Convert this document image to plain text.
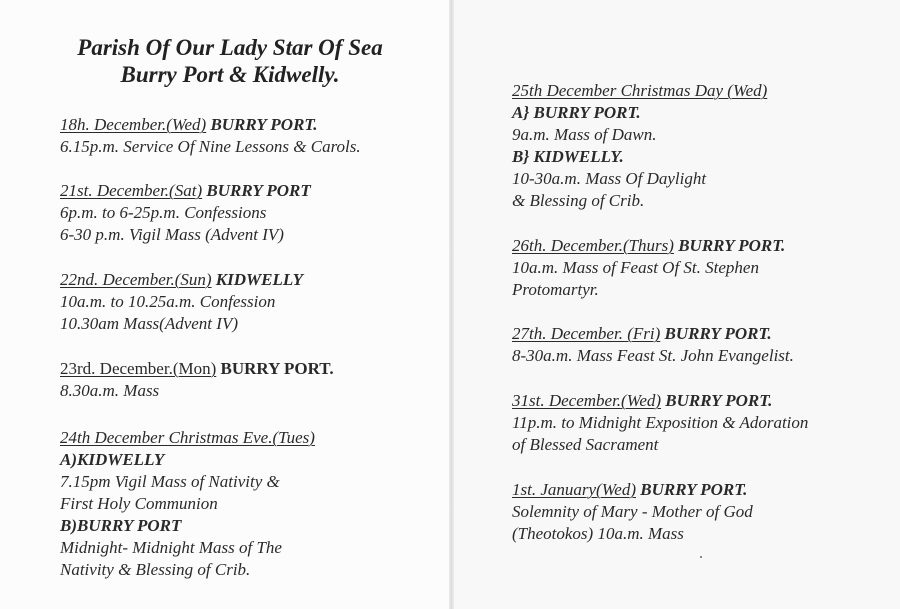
Parish Of Our Lady Star Of Sea
Burry Port & Kidwelly.
18h. December.(Wed) BURRY PORT.
6.15p.m. Service Of Nine Lessons & Carols.
21st. December.(Sat) BURRY PORT
6p.m. to 6-25p.m. Confessions
6-30 p.m. Vigil Mass (Advent IV)
22nd. December.(Sun) KIDWELLY
10a.m. to 10.25a.m. Confession
10.30am Mass(Advent IV)
23rd. December.(Mon) BURRY PORT.
8.30a.m. Mass
24th December Christmas Eve.(Tues)
A)KIDWELLY
7.15pm Vigil Mass of Nativity &
First Holy Communion
B)BURRY PORT
Midnight- Midnight Mass of The
Nativity & Blessing of Crib.
25th December Christmas Day (Wed)
A} BURRY PORT.
9a.m. Mass of Dawn.
B} KIDWELLY.
10-30a.m. Mass Of Daylight
& Blessing of Crib.
26th. December.(Thurs) BURRY PORT.
10a.m. Mass of Feast Of St. Stephen
Protomartyr.
27th. December. (Fri) BURRY PORT.
8-30a.m. Mass Feast St. John Evangelist.
31st. December.(Wed) BURRY PORT.
11p.m. to Midnight Exposition & Adoration
of Blessed Sacrament
1st. January(Wed) BURRY PORT.
Solemnity of Mary - Mother of God
(Theotokos) 10a.m. Mass
